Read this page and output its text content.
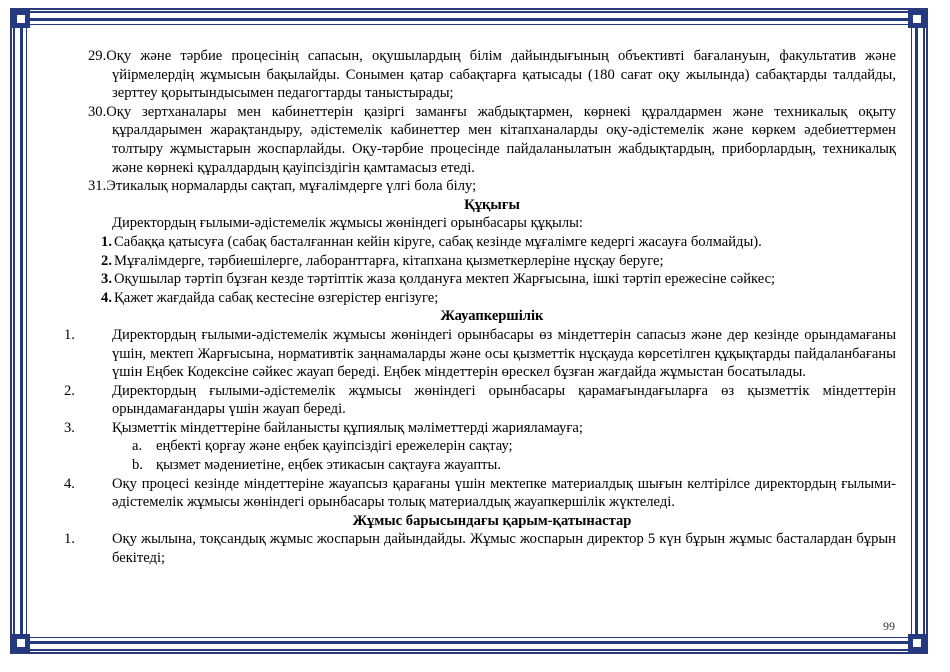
29.Оқу және тәрбие процесінің сапасын, оқушылардың білім дайындығының объективті бағалануын, факультатив және үйірмелердің жұмысын бақылайды. Сонымен қатар сабақтарға қатысады (180 сағат оқу жылында) сабақтарды талдайды, зерттеу қорытындысымен педагогтарды таныстырады;

30.Оқу зертханалары мен кабинеттерін қазіргі заманғы жабдықтармен, көрнекі құралдармен және техникалық оқыту құралдарымен жарақтандыру, әдістемелік кабинеттер мен кітапханаларды оқу-әдістемелік және көркем әдебиеттермен толтыру жұмыстарын жоспарлайды. Оқу-тәрбие процесінде пайдаланылатын жабдықтардың, приборлардың, техникалық және көрнекі құралдардың қауіпсіздігін қамтамасыз етеді.

31.Этикалық нормаларды сақтап, мұғалімдерге үлгі бола білу;

Құқығы

Директордың ғылыми-әдістемелік жұмысы жөніндегі орынбасары құқылы:

1. Сабаққа қатысуға (сабақ басталғаннан кейін кіруге, сабақ кезінде мұғалімге кедергі жасауға болмайды).

2. Мұғалімдерге, тәрбиешілерге, лаборанттарға, кітапхана қызметкерлеріне нұсқау беруге;

3. Оқушылар тәртіп бұзған кезде тәртіптік жаза қолдануға мектеп Жарғысына, ішкі тәртіп ережесіне сәйкес;

4. Қажет жағдайда сабақ кестесіне өзгерістер енгізуге;

Жауапкершілік

1.	Директордың ғылыми-әдістемелік жұмысы жөніндегі орынбасары өз міндеттерін сапасыз және дер кезінде орындамағаны үшін, мектеп Жарғысына, нормативтік заңнамаларды және осы қызметтік нұсқауда көрсетілген құқықтарды пайдаланбағаны үшін Еңбек Кодексіне сәйкес жауап береді. Еңбек міндеттерін өрескел бұзған жағдайда жұмыстан босатылады.

2.	Директордың ғылыми-әдістемелік жұмысы жөніндегі орынбасары қарамағындағыларға өз қызметтік міндеттерін орындамағандары үшін жауап береді.

3.	Қызметтік міндеттеріне байланысты құпиялық мәліметтерді жарияламауға;

a. еңбекті қорғау және еңбек қауіпсіздігі ережелерін сақтау;

b. қызмет мәдениетіне, еңбек этикасын сақтауға жауапты.

4.	Оқу процесі кезінде міндеттеріне жауапсыз қарағаны үшін мектепке материалдық шығын келтірілсе директордың ғылыми-әдістемелік жұмысы жөніндегі орынбасары толық материалдық жауапкершілік жүктеледі.

Жұмыс барысындағы қарым-қатынастар

1.	Оқу жылына, тоқсандық жұмыс жоспарын дайындайды. Жұмыс жоспарын директор 5 күн бұрын жұмыс басталардан бұрын бекітеді;

99
